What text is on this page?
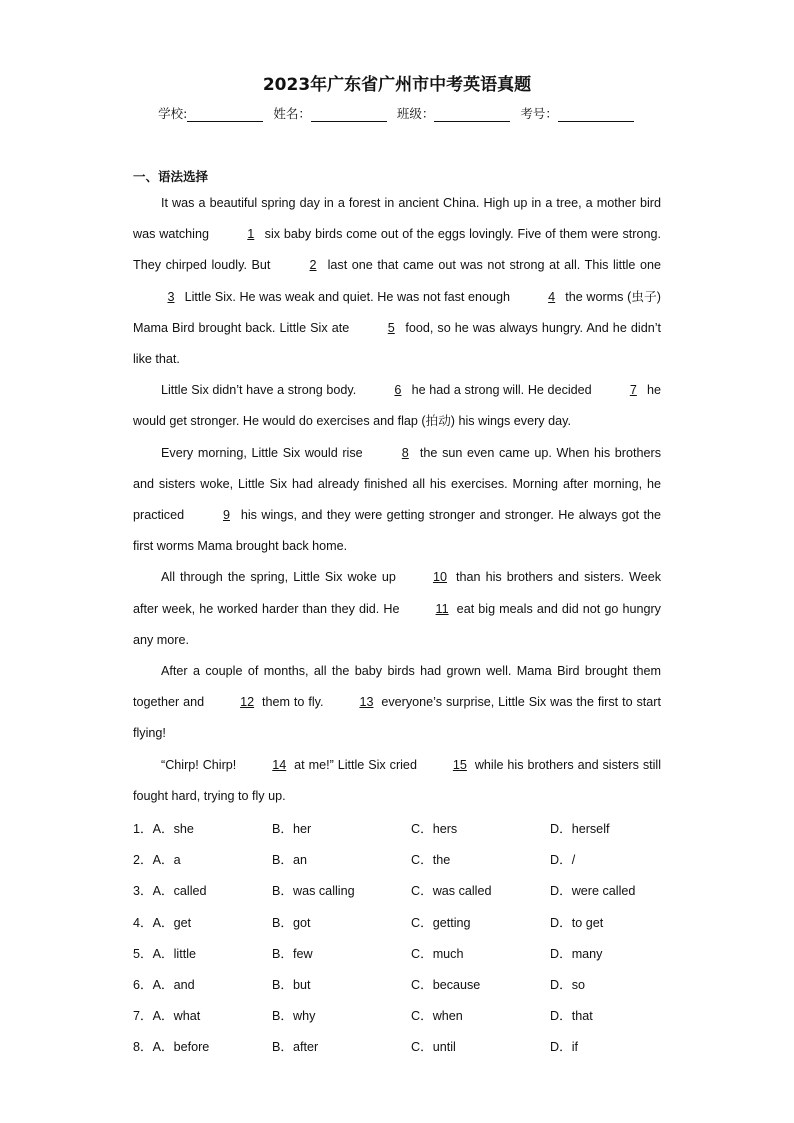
2023年广东省广州市中考英语真题
学校:	姓名：	班级：	考号：
一、语法选择

It was a beautiful spring day in a forest in ancient China. High up in a tree, a mother bird was watching	1 six baby birds come out of the eggs lovingly. Five of them were strong. They chirped loudly. But	2 last one that came out was not strong at all. This little one 3 Little Six. He was weak and quiet. He was not fast enough	4 the worms (虫子) Mama Bird brought back. Little Six ate	5 food, so he was always hungry. And he didn’t like that.

Little Six didn’t have a strong body.	6 he had a strong will. He decided	7 he would get stronger. He would do exercises and flap (拍动) his wings every day.

Every morning, Little Six would rise	8 the sun even came up. When his brothers and sisters woke, Little Six had already finished all his exercises. Morning after morning, he practiced	9 his wings, and they were getting stronger and stronger. He always got the first worms Mama brought back home.

All through the spring, Little Six woke up	10 than his brothers and sisters. Week after week, he worked harder than they did. He	11 eat big meals and did not go hungry any more.

After a couple of months, all the baby birds had grown well. Mama Bird brought them together and	12 them to fly.	13 everyone’s surprise, Little Six was the first to start flying!

“Chirp! Chirp!	14 at me!” Little Six cried	15 while his brothers and sisters still fought hard, trying to fly up.

1．A．she	B．her	C．hers	D．herself
2．A．a	B．an	C．the	D．/
3．A．called	B．was calling	C．was called	D．were called
4．A．get	B．got	C．getting	D．to get
5．A．little	B．few	C．much	D．many
6．A．and	B．but	C．because	D．so
7．A．what	B．why	C．when	D．that
8．A．before	B．after	C．until	D．if
